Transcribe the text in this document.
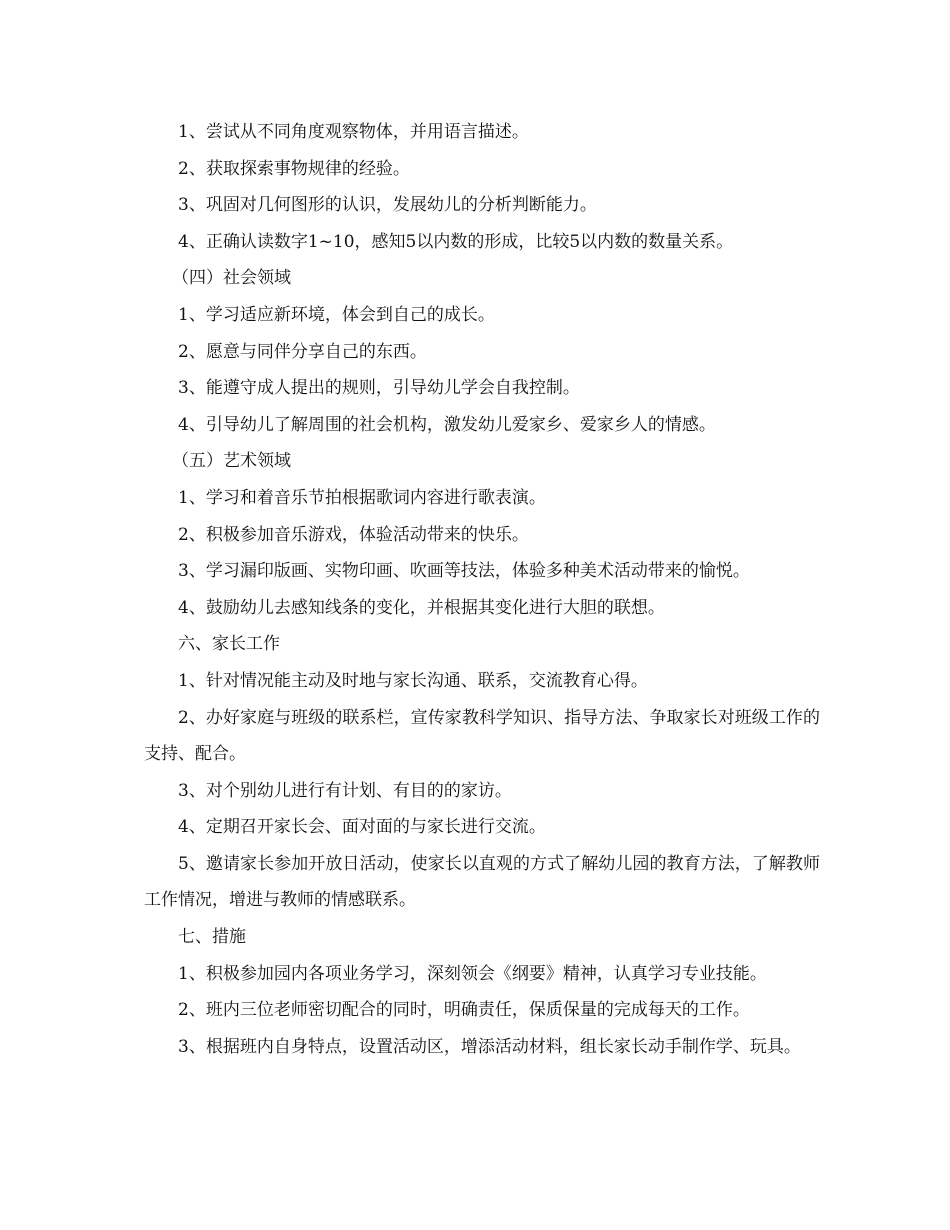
1、尝试从不同角度观察物体，并用语言描述。

2、获取探索事物规律的经验。

3、巩固对几何图形的认识，发展幼儿的分析判断能力。

4、正确认读数字1~10，感知5以内数的形成，比较5以内数的数量关系。

（四）社会领域

1、学习适应新环境，体会到自己的成长。

2、愿意与同伴分享自己的东西。

3、能遵守成人提出的规则，引导幼儿学会自我控制。

4、引导幼儿了解周围的社会机构，激发幼儿爱家乡、爱家乡人的情感。

（五）艺术领域

1、学习和着音乐节拍根据歌词内容进行歌表演。

2、积极参加音乐游戏，体验活动带来的快乐。

3、学习漏印版画、实物印画、吹画等技法，体验多种美术活动带来的愉悦。

4、鼓励幼儿去感知线条的变化，并根据其变化进行大胆的联想。

六、家长工作

1、针对情况能主动及时地与家长沟通、联系，交流教育心得。

2、办好家庭与班级的联系栏，宣传家教科学知识、指导方法、争取家长对班级工作的支持、配合。

3、对个别幼儿进行有计划、有目的的家访。

4、定期召开家长会、面对面的与家长进行交流。

5、邀请家长参加开放日活动，使家长以直观的方式了解幼儿园的教育方法，了解教师工作情况，增进与教师的情感联系。

七、措施

1、积极参加园内各项业务学习，深刻领会《纲要》精神，认真学习专业技能。

2、班内三位老师密切配合的同时，明确责任，保质保量的完成每天的工作。

3、根据班内自身特点，设置活动区，增添活动材料，组长家长动手制作学、玩具。
